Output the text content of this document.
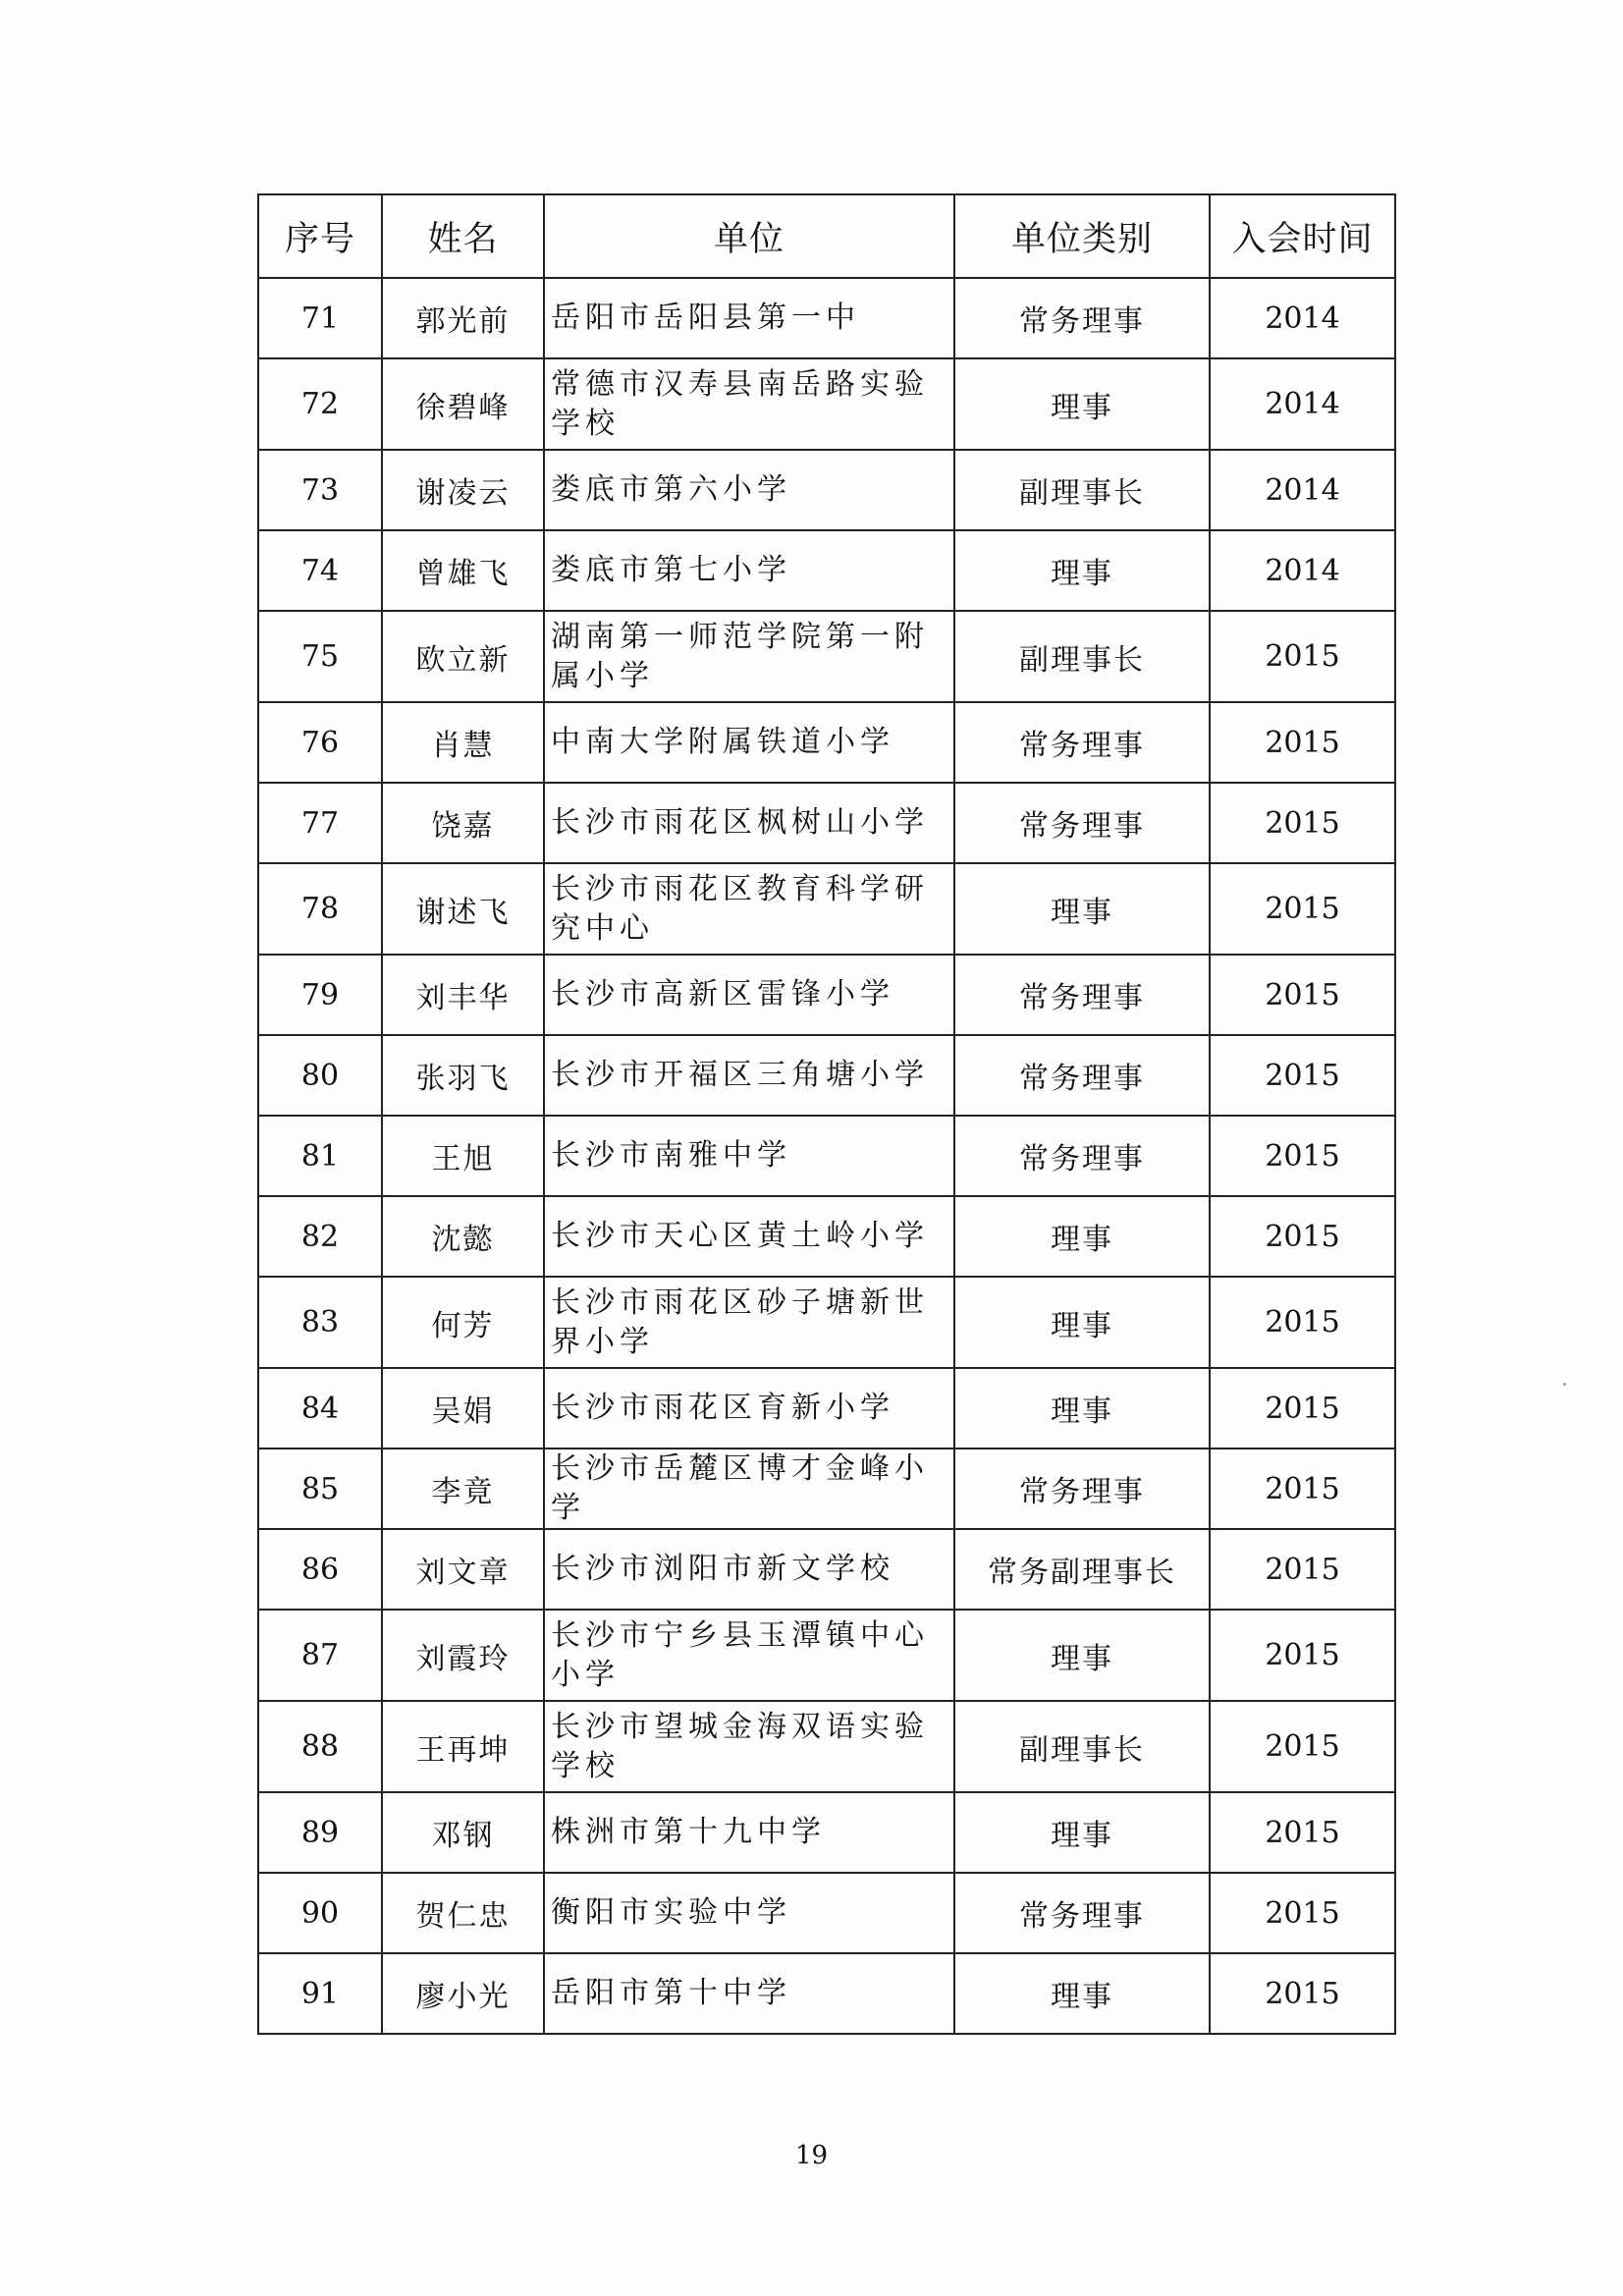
序号	姓名	单位	单位类别	入会时间
71	郭光前	岳阳市岳阳县第一中	常务理事	2014
72	徐碧峰	常德市汉寿县南岳路实验学校	理事	2014
73	谢凌云	娄底市第六小学	副理事长	2014
74	曾雄飞	娄底市第七小学	理事	2014
75	欧立新	湖南第一师范学院第一附属小学	副理事长	2015
76	肖慧	中南大学附属铁道小学	常务理事	2015
77	饶嘉	长沙市雨花区枫树山小学	常务理事	2015
78	谢述飞	长沙市雨花区教育科学研究中心	理事	2015
79	刘丰华	长沙市高新区雷锋小学	常务理事	2015
80	张羽飞	长沙市开福区三角塘小学	常务理事	2015
81	王旭	长沙市南雅中学	常务理事	2015
82	沈懿	长沙市天心区黄土岭小学	理事	2015
83	何芳	长沙市雨花区砂子塘新世界小学	理事	2015
84	吴娟	长沙市雨花区育新小学	理事	2015
85	李竟	长沙市岳麓区博才金峰小学	常务理事	2015
86	刘文章	长沙市浏阳市新文学校	常务副理事长	2015
87	刘霞玲	长沙市宁乡县玉潭镇中心小学	理事	2015
88	王再坤	长沙市望城金海双语实验学校	副理事长	2015
89	邓钢	株洲市第十九中学	理事	2015
90	贺仁忠	衡阳市实验中学	常务理事	2015
91	廖小光	岳阳市第十中学	理事	2015
19
